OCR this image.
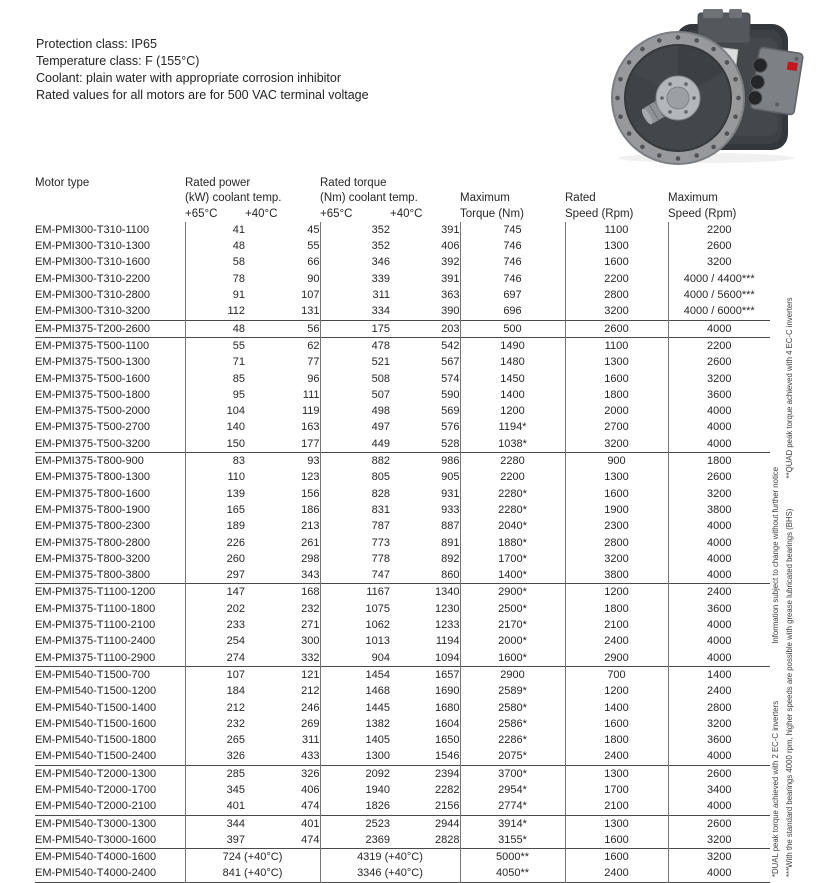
Protection class: IP65
Temperature class: F (155°C)
Coolant: plain water with appropriate corrosion inhibitor
Rated values for all motors are for 500 VAC terminal voltage
Motor type	Rated power		Rated torque				
	(kW) coolant temp.		(Nm) coolant temp.		Maximum	Rated	Maximum
	+65°C	+40°C	+65°C	+40°C	Torque (Nm)	Speed (Rpm)	Speed (Rpm)
EM-PMI300-T310-1100	41	45	352	391	745	1100	2200
EM-PMI300-T310-1300	48	55	352	406	746	1300	2600
EM-PMI300-T310-1600	58	66	346	392	746	1600	3200
EM-PMI300-T310-2200	78	90	339	391	746	2200	4000 / 4400***
EM-PMI300-T310-2800	91	107	311	363	697	2800	4000 / 5600***
EM-PMI300-T310-3200	112	131	334	390	696	3200	4000 / 6000***
EM-PMI375-T200-2600	48	56	175	203	500	2600	4000
EM-PMI375-T500-1100	55	62	478	542	1490	1100	2200
EM-PMI375-T500-1300	71	77	521	567	1480	1300	2600
EM-PMI375-T500-1600	85	96	508	574	1450	1600	3200
EM-PMI375-T500-1800	95	111	507	590	1400	1800	3600
EM-PMI375-T500-2000	104	119	498	569	1200	2000	4000
EM-PMI375-T500-2700	140	163	497	576	1194*	2700	4000
EM-PMI375-T500-3200	150	177	449	528	1038*	3200	4000
EM-PMI375-T800-900	83	93	882	986	2280	900	1800
EM-PMI375-T800-1300	110	123	805	905	2200	1300	2600
EM-PMI375-T800-1600	139	156	828	931	2280*	1600	3200
EM-PMI375-T800-1900	165	186	831	933	2280*	1900	3800
EM-PMI375-T800-2300	189	213	787	887	2040*	2300	4000
EM-PMI375-T800-2800	226	261	773	891	1880*	2800	4000
EM-PMI375-T800-3200	260	298	778	892	1700*	3200	4000
EM-PMI375-T800-3800	297	343	747	860	1400*	3800	4000
EM-PMI375-T1100-1200	147	168	1167	1340	2900*	1200	2400
EM-PMI375-T1100-1800	202	232	1075	1230	2500*	1800	3600
EM-PMI375-T1100-2100	233	271	1062	1233	2170*	2100	4000
EM-PMI375-T1100-2400	254	300	1013	1194	2000*	2400	4000
EM-PMI375-T1100-2900	274	332	904	1094	1600*	2900	4000
EM-PMI540-T1500-700	107	121	1454	1657	2900	700	1400
EM-PMI540-T1500-1200	184	212	1468	1690	2589*	1200	2400
EM-PMI540-T1500-1400	212	246	1445	1680	2580*	1400	2800
EM-PMI540-T1500-1600	232	269	1382	1604	2586*	1600	3200
EM-PMI540-T1500-1800	265	311	1405	1650	2286*	1800	3600
EM-PMI540-T1500-2400	326	433	1300	1546	2075*	2400	4000
EM-PMI540-T2000-1300	285	326	2092	2394	3700*	1300	2600
EM-PMI540-T2000-1700	345	406	1940	2282	2954*	1700	3400
EM-PMI540-T2000-2100	401	474	1826	2156	2774*	2100	4000
EM-PMI540-T3000-1300	344	401	2523	2944	3914*	1300	2600
EM-PMI540-T3000-1600	397	474	2369	2828	3155*	1600	3200
EM-PMI540-T4000-1600	724 (+40°C)		4319 (+40°C)		5000**	1600	3200
EM-PMI540-T4000-2400	841 (+40°C)		3346 (+40°C)		4050**	2400	4000	*DUAL peak torque achieved with 2 EC-C inverters Information subject to change without further notice ***With the standard bearings 4000 rpm, higher speeds are possible with grease lubricated bearings (BHS) **QUAD peak torque achieved with 4 EC-C inverters
